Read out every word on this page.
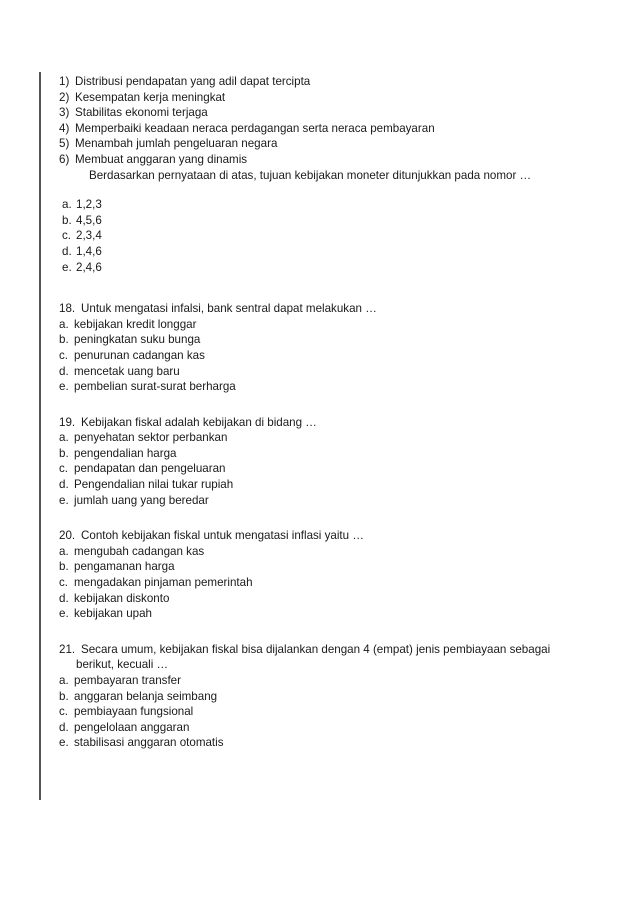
1) Distribusi pendapatan yang adil dapat tercipta
2) Kesempatan kerja meningkat
3) Stabilitas ekonomi terjaga
4) Memperbaiki keadaan neraca perdagangan serta neraca pembayaran
5) Menambah jumlah pengeluaran negara
6) Membuat anggaran yang dinamis
Berdasarkan pernyataan di atas, tujuan kebijakan moneter ditunjukkan pada nomor …
a. 1,2,3
b. 4,5,6
c. 2,3,4
d. 1,4,6
e. 2,4,6
18. Untuk mengatasi infalsi, bank sentral dapat melakukan …
a. kebijakan kredit longgar
b. peningkatan suku bunga
c. penurunan cadangan kas
d. mencetak uang baru
e. pembelian surat-surat berharga
19. Kebijakan fiskal adalah kebijakan di bidang …
a. penyehatan sektor perbankan
b. pengendalian harga
c. pendapatan dan pengeluaran
d. Pengendalian nilai tukar rupiah
e. jumlah uang yang beredar
20. Contoh kebijakan fiskal untuk mengatasi inflasi yaitu …
a. mengubah cadangan kas
b. pengamanan harga
c. mengadakan pinjaman pemerintah
d. kebijakan diskonto
e. kebijakan upah
21. Secara umum, kebijakan fiskal bisa dijalankan dengan 4 (empat) jenis pembiayaan sebagai
berikut, kecuali …
a. pembayaran transfer
b. anggaran belanja seimbang
c. pembiayaan fungsional
d. pengelolaan anggaran
e. stabilisasi anggaran otomatis
